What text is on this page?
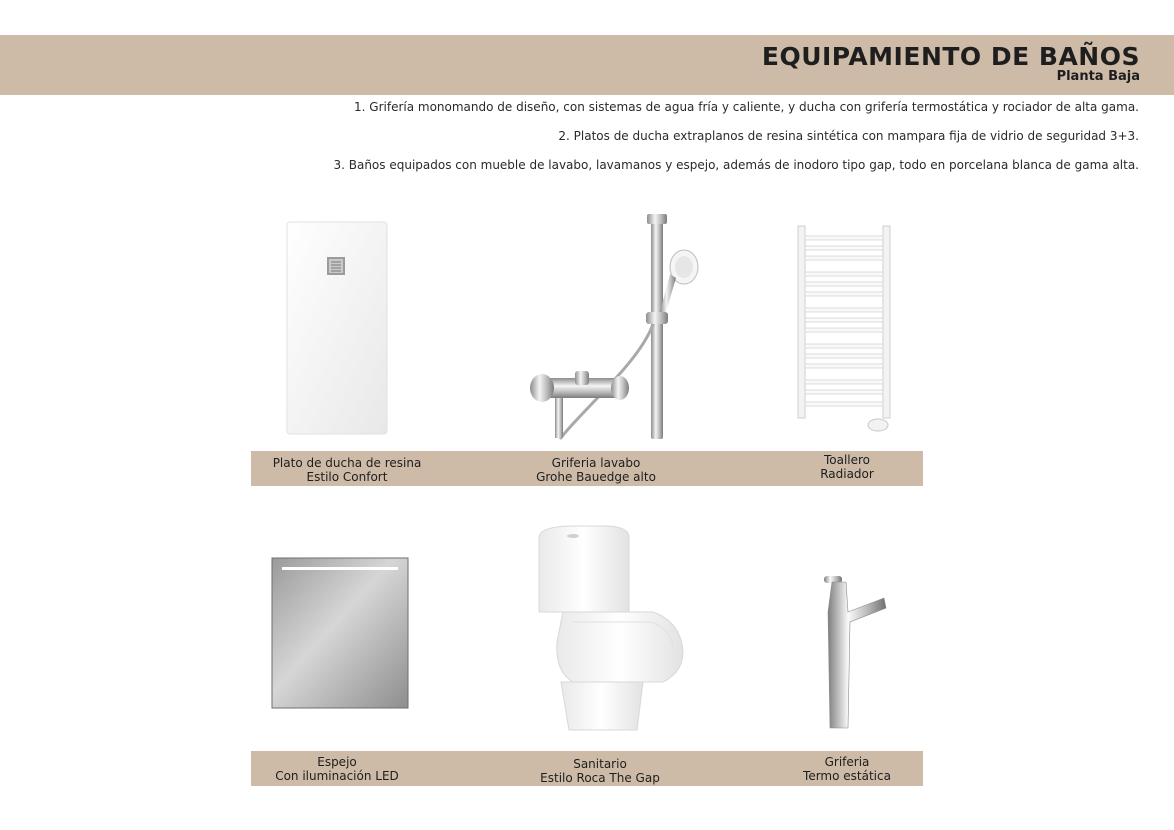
EQUIPAMIENTO DE BAÑOS
Planta Baja
1. Grifería monomando de diseño, con sistemas de agua fría y caliente, y ducha con grifería termostática y rociador de alta gama.
2. Platos de ducha extraplanos de resina sintética con mampara fija de vidrio de seguridad 3+3.
3. Baños equipados con mueble de lavabo, lavamanos y espejo, además de inodoro tipo gap, todo en porcelana blanca de gama alta.
Plato de ducha de resina
Estilo Confort
Griferia lavabo
Grohe Bauedge alto
Toallero
Radiador
Espejo
Con iluminación LED
Sanitario
Estilo Roca The Gap
Griferia
Termo estática
